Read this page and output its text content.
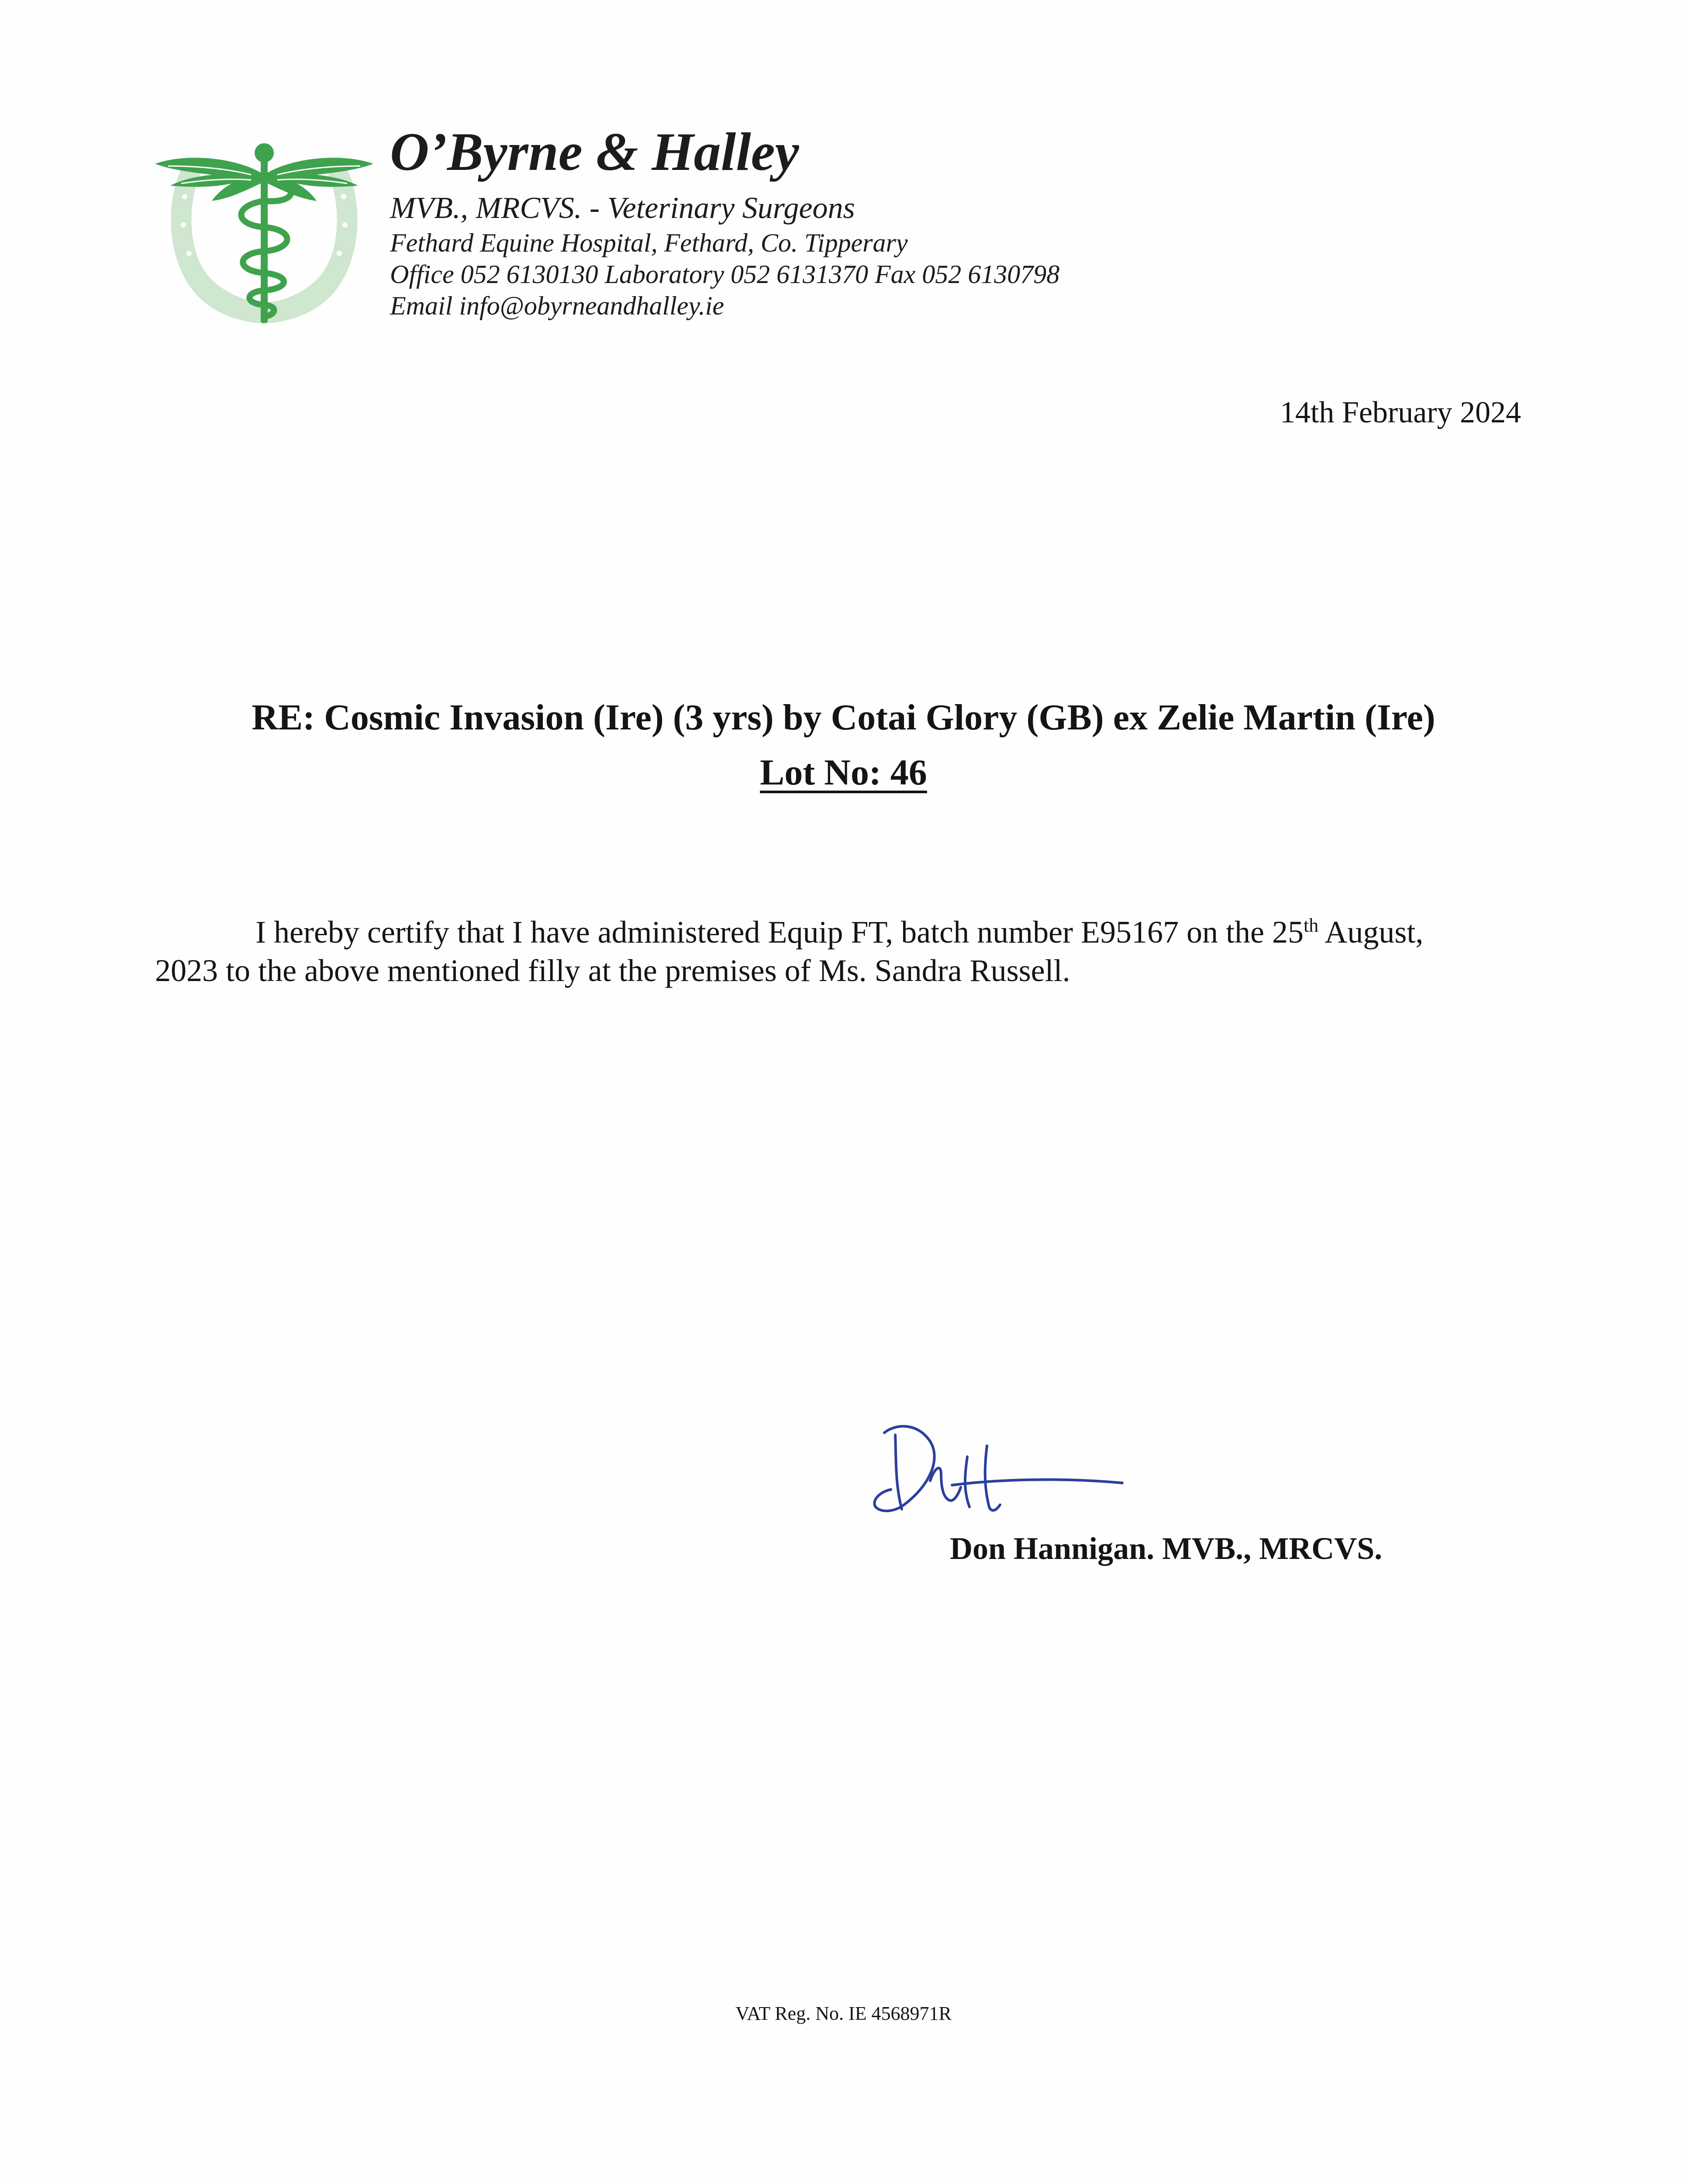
O’Byrne & Halley
MVB., MRCVS. - Veterinary Surgeons
Fethard Equine Hospital, Fethard, Co. Tipperary
Office 052 6130130 Laboratory 052 6131370 Fax 052 6130798
Email info@obyrneandhalley.ie
14th February 2024
RE: Cosmic Invasion (Ire) (3 yrs) by Cotai Glory (GB) ex Zelie Martin (Ire)
Lot No: 46
I hereby certify that I have administered Equip FT, batch number E95167 on the 25th August,
2023 to the above mentioned filly at the premises of Ms. Sandra Russell.
Don Hannigan. MVB., MRCVS.
VAT Reg. No. IE 4568971R
